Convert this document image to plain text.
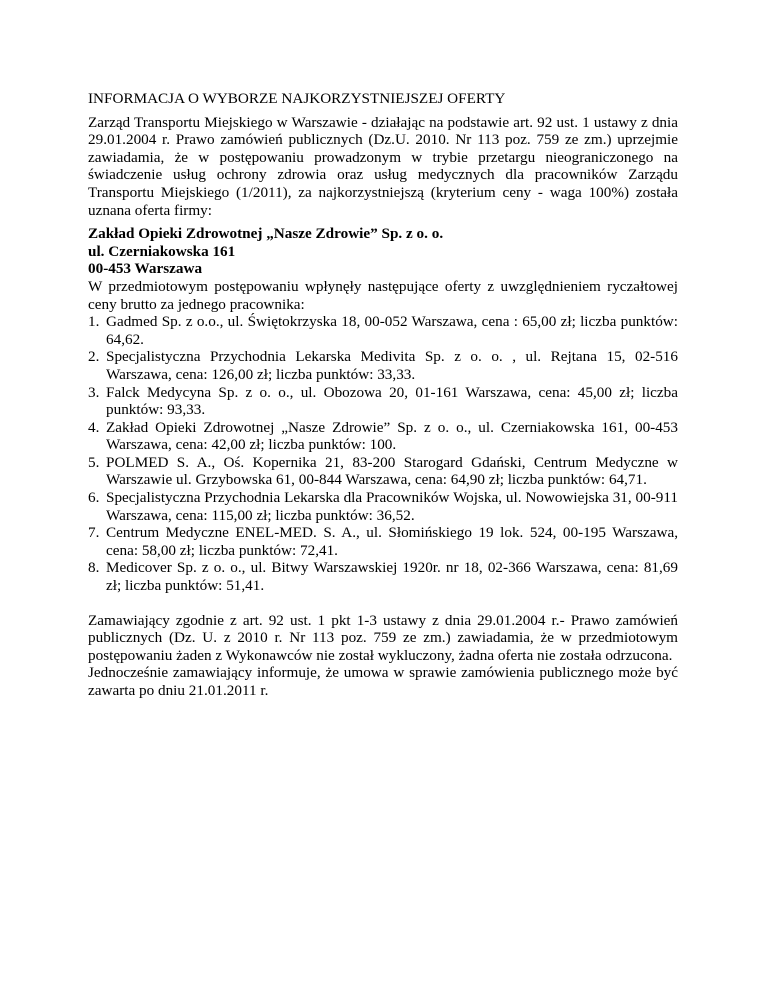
INFORMACJA O WYBORZE NAJKORZYSTNIEJSZEJ OFERTY

Zarząd Transportu Miejskiego w Warszawie - działając na podstawie art. 92 ust. 1 ustawy z dnia 29.01.2004 r. Prawo zamówień publicznych (Dz.U. 2010. Nr 113 poz. 759 ze zm.) uprzejmie zawiadamia, że w postępowaniu prowadzonym w trybie przetargu nieograniczonego na świadczenie usług ochrony zdrowia oraz usług medycznych dla pracowników Zarządu Transportu Miejskiego (1/2011), za najkorzystniejszą (kryterium ceny - waga 100%) została uznana oferta firmy:

Zakład Opieki Zdrowotnej „Nasze Zdrowie” Sp. z o. o.
ul. Czerniakowska 161
00-453 Warszawa

W przedmiotowym postępowaniu wpłynęły następujące oferty z uwzględnieniem ryczałtowej ceny brutto za jednego pracownika:

1. Gadmed Sp. z o.o., ul. Świętokrzyska 18, 00-052 Warszawa, cena : 65,00 zł; liczba punktów: 64,62.
2. Specjalistyczna Przychodnia Lekarska Medivita Sp. z o. o. , ul. Rejtana 15, 02-516 Warszawa, cena: 126,00 zł; liczba punktów: 33,33.
3. Falck Medycyna Sp. z o. o., ul. Obozowa 20, 01-161 Warszawa, cena: 45,00 zł; liczba punktów: 93,33.
4. Zakład Opieki Zdrowotnej „Nasze Zdrowie” Sp. z o. o., ul. Czerniakowska 161, 00-453 Warszawa, cena: 42,00 zł; liczba punktów: 100.
5. POLMED S. A., Oś. Kopernika 21, 83-200 Starogard Gdański, Centrum Medyczne w Warszawie ul. Grzybowska 61, 00-844 Warszawa, cena: 64,90 zł; liczba punktów: 64,71.
6. Specjalistyczna Przychodnia Lekarska dla Pracowników Wojska, ul. Nowowiejska 31, 00-911 Warszawa, cena: 115,00 zł; liczba punktów: 36,52.
7. Centrum Medyczne ENEL-MED. S. A., ul. Słomińskiego 19 lok. 524, 00-195 Warszawa, cena: 58,00 zł; liczba punktów: 72,41.
8. Medicover Sp. z o. o., ul. Bitwy Warszawskiej 1920r. nr 18, 02-366 Warszawa, cena: 81,69 zł; liczba punktów: 51,41.

Zamawiający zgodnie z art. 92 ust. 1 pkt 1-3 ustawy z dnia 29.01.2004 r.- Prawo zamówień publicznych (Dz. U. z 2010 r. Nr 113 poz. 759 ze zm.) zawiadamia, że w przedmiotowym postępowaniu żaden z Wykonawców nie został wykluczony, żadna oferta nie została odrzucona.

Jednocześnie zamawiający informuje, że umowa w sprawie zamówienia publicznego może być zawarta po dniu 21.01.2011 r.
